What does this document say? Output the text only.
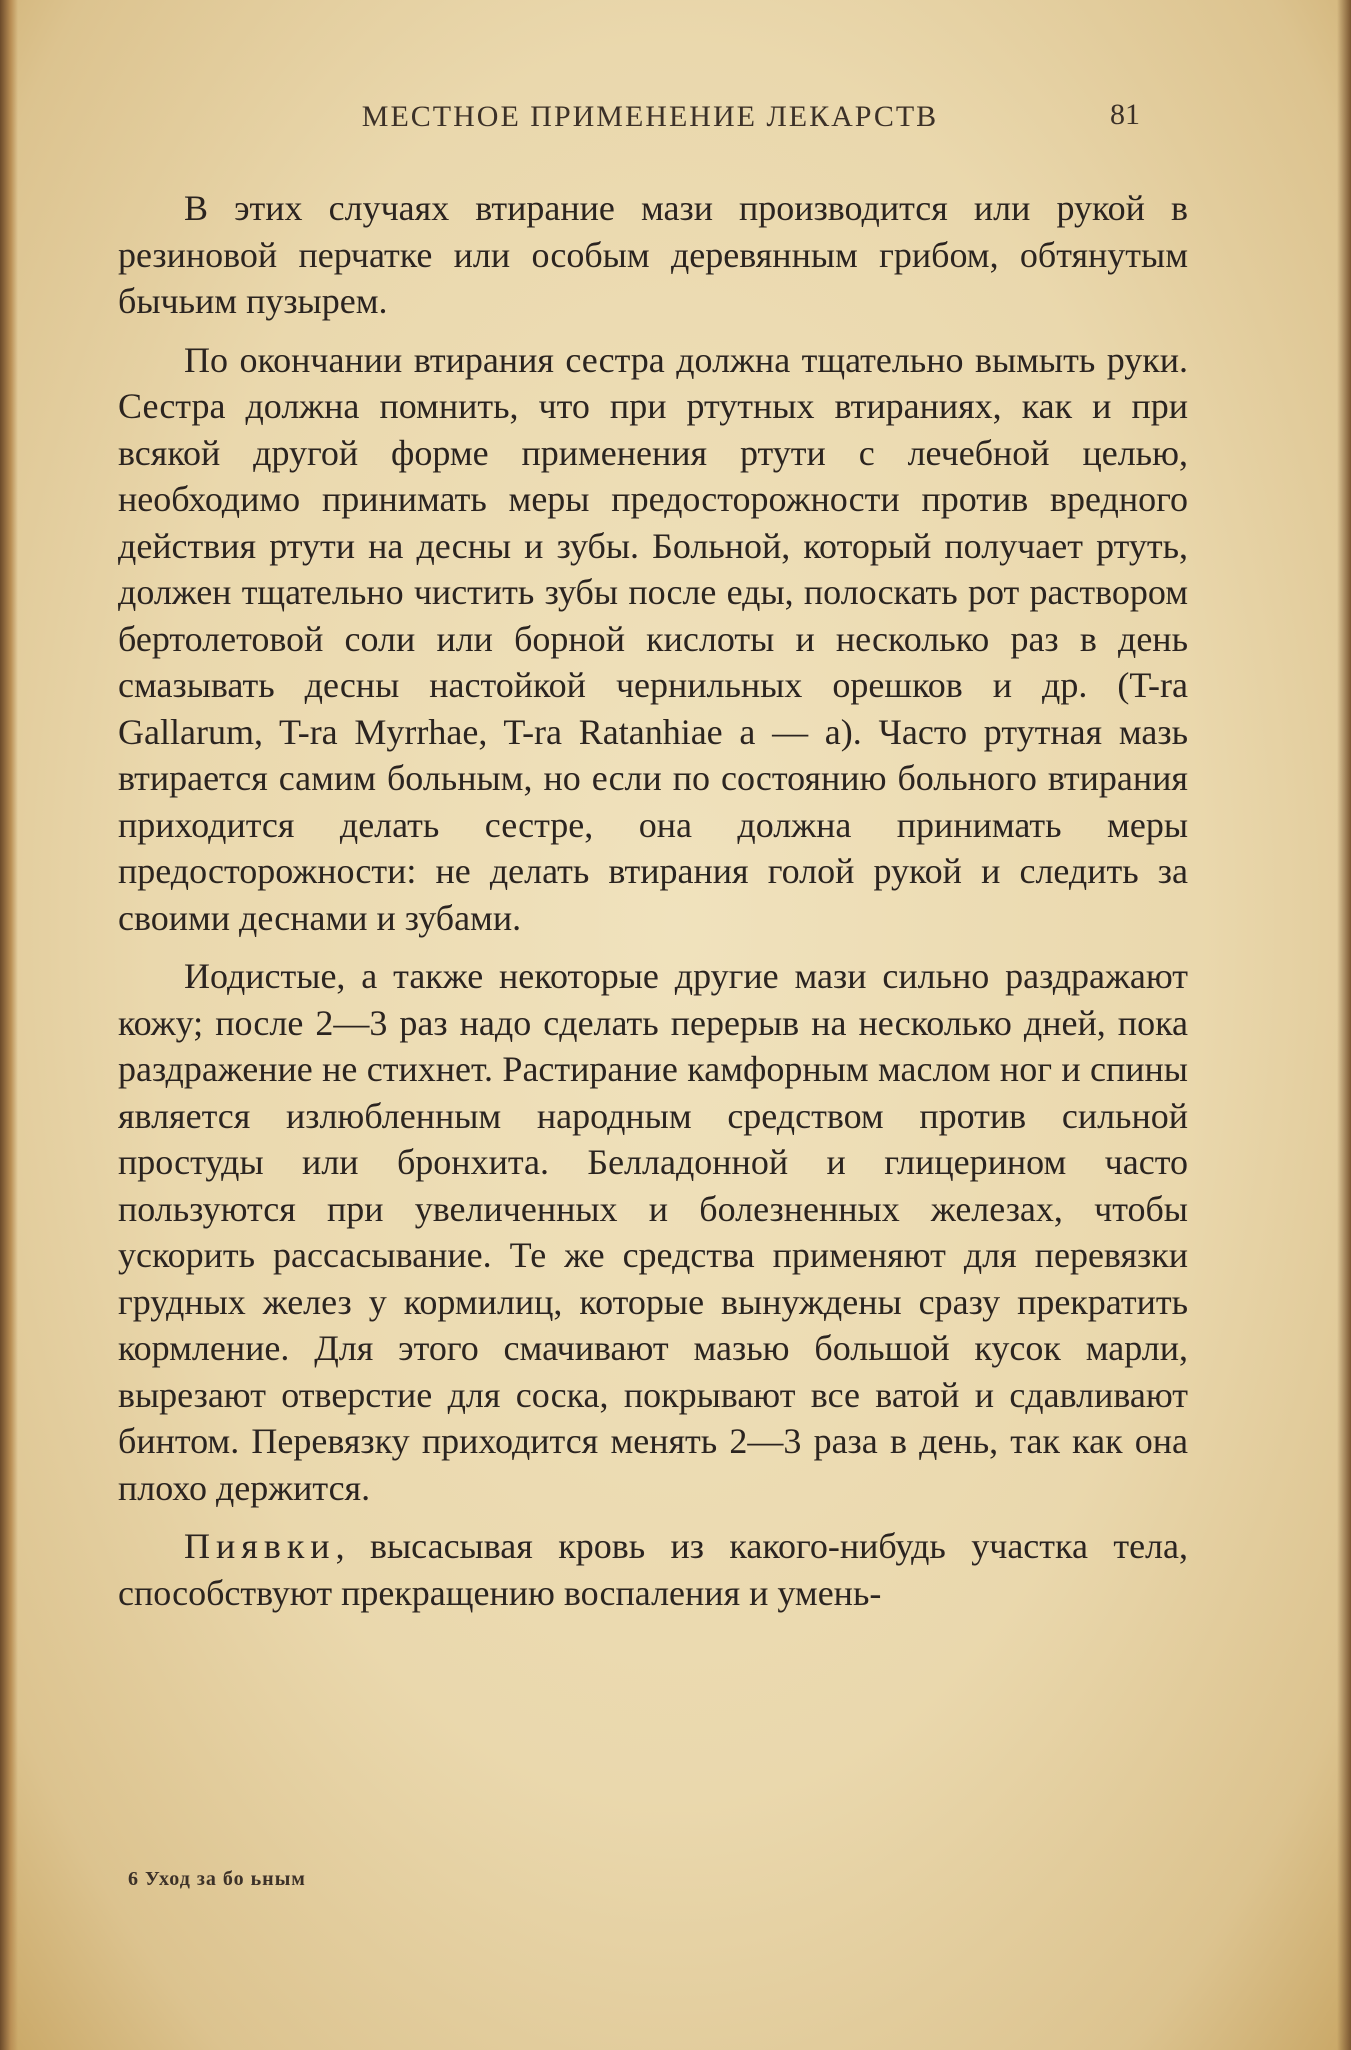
МЕСТНОЕ ПРИМЕНЕНИЕ ЛЕКАРСТВ	81

В этих случаях втирание мази производится или рукой в резиновой перчатке или особым деревянным грибом, обтянутым бычьим пузырем.

По окончании втирания сестра должна тщательно вымыть руки. Сестра должна помнить, что при ртутных втираниях, как и при всякой другой форме применения ртути с лечебной целью, необходимо принимать меры предосторожности против вредного действия ртути на десны и зубы. Больной, который получает ртуть, должен тщательно чистить зубы после еды, полоскать рот раствором бертолетовой соли или борной кислоты и несколько раз в день смазывать десны настойкой чернильных орешков и др. (T-ra Gallarum, T-ra Myrrhae, T-ra Ratanhiae a — a). Часто ртутная мазь втирается самим больным, но если по состоянию больного втирания приходится делать сестре, она должна принимать меры предосторожности: не делать втирания голой рукой и следить за своими деснами и зубами.

Иодистые, а также некоторые другие мази сильно раздражают кожу; после 2—3 раз надо сделать перерыв на несколько дней, пока раздражение не стихнет. Растирание камфорным маслом ног и спины является излюбленным народным средством против сильной простуды или бронхита. Белладонной и глицерином часто пользуются при увеличенных и болезненных железах, чтобы ускорить рассасывание. Те же средства применяют для перевязки грудных желез у кормилиц, которые вынуждены сразу прекратить кормление. Для этого смачивают мазью большой кусок марли, вырезают отверстие для соска, покрывают все ватой и сдавливают бинтом. Перевязку приходится менять 2—3 раза в день, так как она плохо держится.

Пиявки, высасывая кровь из какого-нибудь участка тела, способствуют прекращению воспаления и умень-

6 Уход за бо ьным
